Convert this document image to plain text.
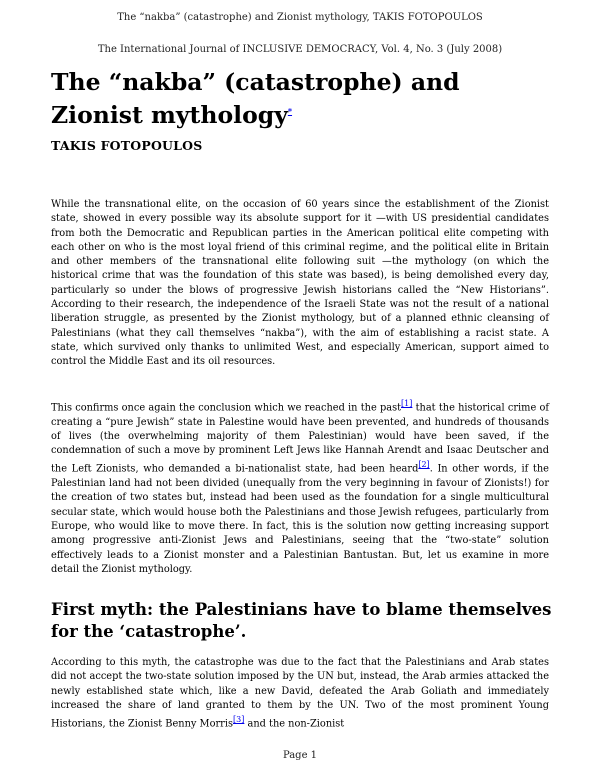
The “nakba” (catastrophe) and Zionist mythology, TAKIS FOTOPOULOS
The International Journal of INCLUSIVE DEMOCRACY, Vol. 4, No. 3 (July 2008)
The “nakba” (catastrophe) and Zionist mythology*
TAKIS FOTOPOULOS

While the transnational elite, on the occasion of 60 years since the establishment of the Zionist state, showed in every possible way its absolute support for it —with US presidential candidates from both the Democratic and Republican parties in the American political elite competing with each other on who is the most loyal friend of this criminal regime, and the political elite in Britain and other members of the transnational elite following suit —the mythology (on which the historical crime that was the foundation of this state was based), is being demolished every day, particularly so under the blows of progressive Jewish historians called the “New Historians”. According to their research, the independence of the Israeli State was not the result of a national liberation struggle, as presented by the Zionist mythology, but of a planned ethnic cleansing of Palestinians (what they call themselves “nakba”), with the aim of establishing a racist state. A state, which survived only thanks to unlimited West, and especially American, support aimed to control the Middle East and its oil resources.

This confirms once again the conclusion which we reached in the past[1] that the historical crime of creating a “pure Jewish” state in Palestine would have been prevented, and hundreds of thousands of lives (the overwhelming majority of them Palestinian) would have been saved, if the condemnation of such a move by prominent Left Jews like Hannah Arendt and Isaac Deutscher and the Left Zionists, who demanded a bi-nationalist state, had been heard[2]. In other words, if the Palestinian land had not been divided (unequally from the very beginning in favour of Zionists!) for the creation of two states but, instead had been used as the foundation for a single multicultural secular state, which would house both the Palestinians and those Jewish refugees, particularly from Europe, who would like to move there. In fact, this is the solution now getting increasing support among progressive anti-Zionist Jews and Palestinians, seeing that the “two-state” solution effectively leads to a Zionist monster and a Palestinian Bantustan. But, let us examine in more detail the Zionist mythology.

First myth: the Palestinians have to blame themselves for the ‘catastrophe’.

According to this myth, the catastrophe was due to the fact that the Palestinians and Arab states did not accept the two-state solution imposed by the UN but, instead, the Arab armies attacked the newly established state which, like a new David, defeated the Arab Goliath and immediately increased the share of land granted to them by the UN. Two of the most prominent Young Historians, the Zionist Benny Morris[3] and the non-Zionist

Page 1
